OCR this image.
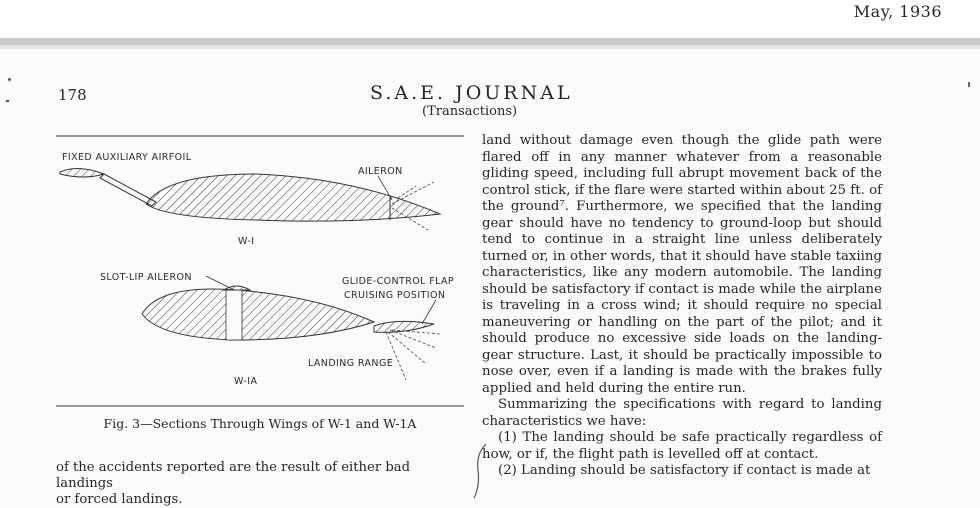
May, 1936
178	S.A.E. JOURNAL
(Transactions)
FIXED AUXILIARY AIRFOIL
AILERON
W-I
SLOT-LIP AILERON	GLIDE-CONTROL FLAP
CRUISING POSITION
LANDING RANGE
W-IA
Fig. 3—Sections Through Wings of W-1 and W-1A
of the accidents reported are the result of either bad landings
or forced landings.

land without damage even though the glide path were flared off in any manner whatever from a reasonable gliding speed, including full abrupt movement back of the control stick, if the flare were started within about 25 ft. of the ground⁷. Furthermore, we specified that the landing gear should have no tendency to ground-loop but should tend to continue in a straight line unless deliberately turned or, in other words, that it should have stable taxiing characteristics, like any modern automobile. The landing should be satisfactory if contact is made while the airplane is traveling in a cross wind; it should require no special maneuvering or handling on the part of the pilot; and it should produce no excessive side loads on the landing-gear structure. Last, it should be practically impossible to nose over, even if a landing is made with the brakes fully applied and held during the entire run.

Summarizing the specifications with regard to landing characteristics we have:

(1) The landing should be safe practically regardless of how, or if, the flight path is levelled off at contact.

(2) Landing should be satisfactory if contact is made at
